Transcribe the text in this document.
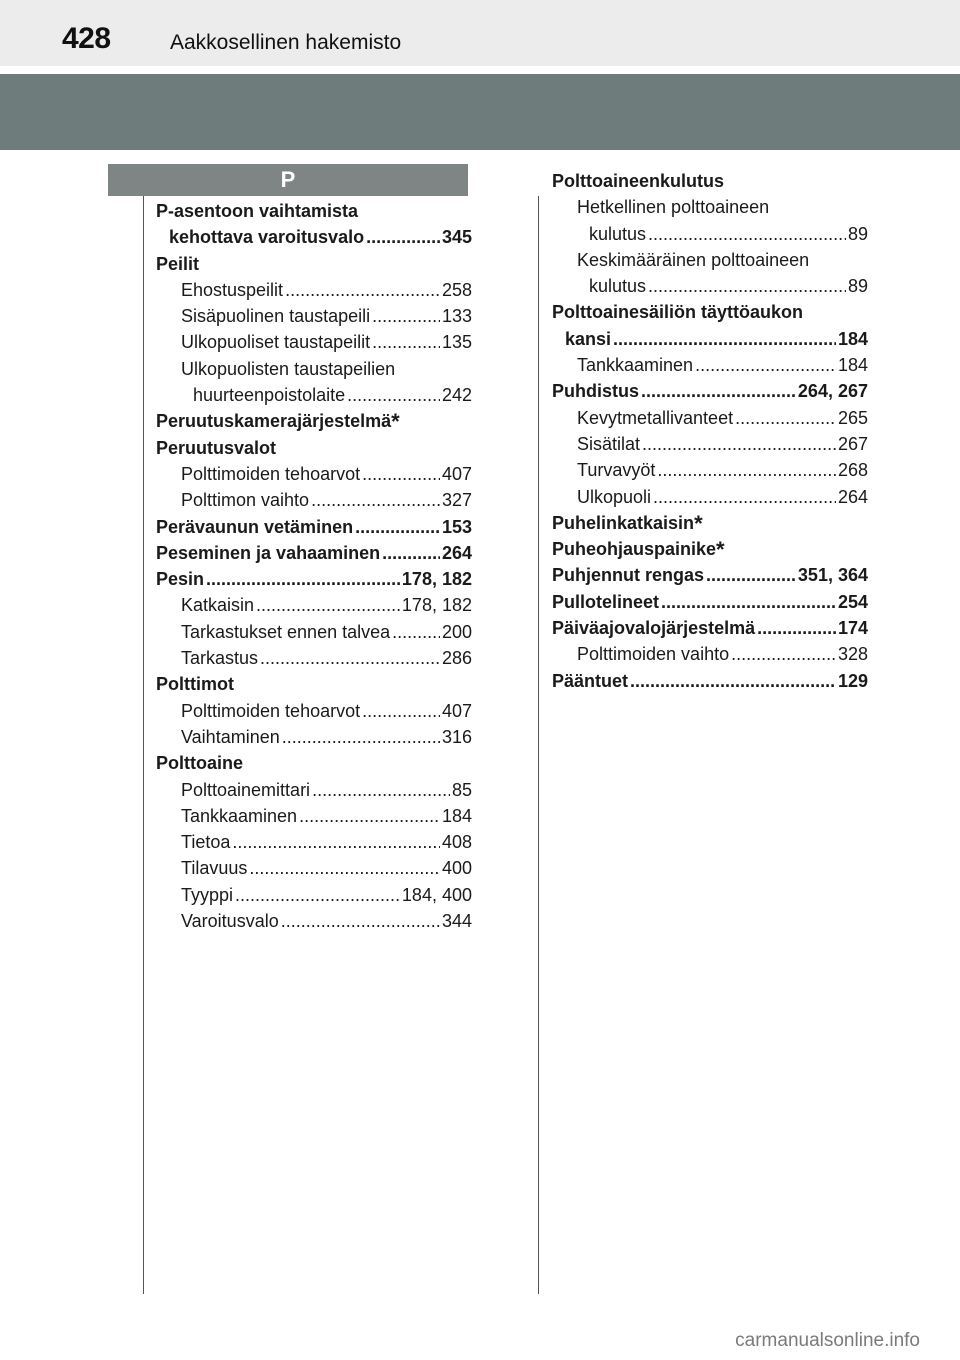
428	Aakkosellinen hakemisto
P
P-asentoon vaihtamista
kehottava varoitusvalo .....	345
Peilit
Ehostuspeilit .....	258
Sisäpuolinen taustapeili .....	133
Ulkopuoliset taustapeilit .....	135
Ulkopuolisten taustapeilien
huurteenpoistolaite .....	242
Peruutuskamerajärjestelmä*
Peruutusvalot
Polttimoiden tehoarvot .....	407
Polttimon vaihto .....	327
Perävaunun vetäminen .....	153
Peseminen ja vahaaminen .....	264
Pesin .....	178, 182
Katkaisin .....	178, 182
Tarkastukset ennen talvea .....	200
Tarkastus .....	286
Polttimot
Polttimoiden tehoarvot .....	407
Vaihtaminen .....	316
Polttoaine
Polttoainemittari .....	85
Tankkaaminen .....	184
Tietoa .....	408
Tilavuus .....	400
Tyyppi .....	184, 400
Varoitusvalo .....	344
Polttoaineenkulutus
Hetkellinen polttoaineen
kulutus .....	89
Keskimääräinen polttoaineen
kulutus .....	89
Polttoainesäiliön täyttöaukon
kansi .....	184
Tankkaaminen .....	184
Puhdistus .....	264, 267
Kevytmetallivanteet .....	265
Sisätilat .....	267
Turvavyöt .....	268
Ulkopuoli .....	264
Puhelinkatkaisin*
Puheohjauspainike*
Puhjennut rengas .....	351, 364
Pullotelineet .....	254
Päiväajovalojärjestelmä .....	174
Polttimoiden vaihto .....	328
Pääntuet .....	129
carmanualsonline.info
